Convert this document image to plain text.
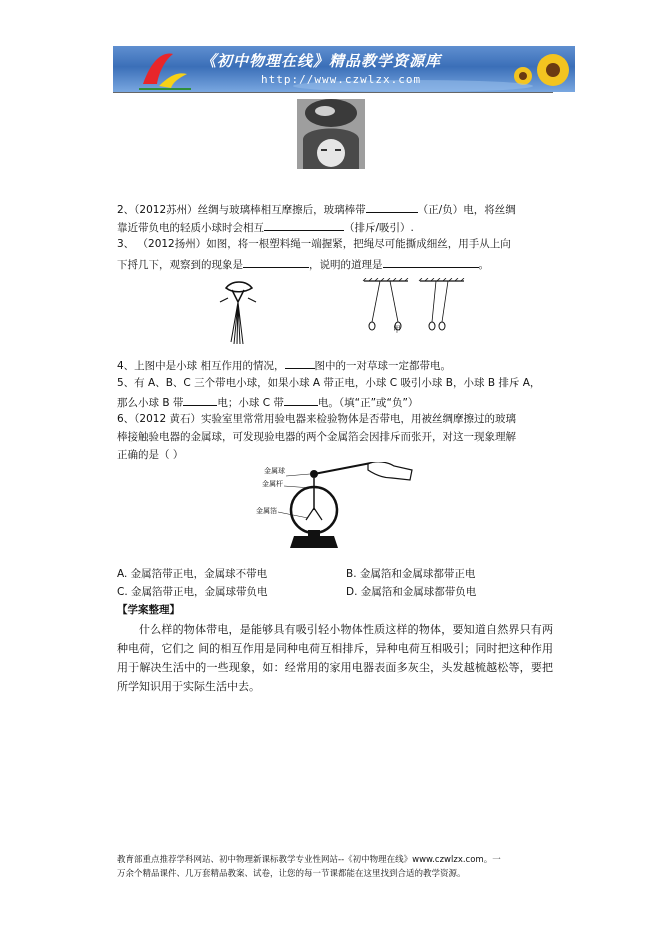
《初中物理在线》精品教学资源库
http://www.czwlzx.com
2、（2012苏州）丝绸与玻璃棒相互摩擦后，玻璃棒带	（正/负）电，将丝绸
靠近带负电的轻质小球时会相互	（排斥/吸引）.
3、 （2012扬州）如图，将一根塑料绳一端握紧，把绳尽可能撕成细丝，用手从上向
下捋几下，观察到的现象是	，说明的道理是	。
甲
4、上图中是小球 相互作用的情况，	图中的一对草球一定都带电。
5、有 A、B、C 三个带电小球，如果小球 A 带正电，小球 C 吸引小球 B，小球 B 排斥 A，
那么小球 B 带	电；小球 C 带	电。（填“正”或“负”）
6、（2012 黄石）实验室里常常用验电器来检验物体是否带电，用被丝绸摩擦过的玻璃
棒接触验电器的金属球，可发现验电器的两个金属箔会因排斥而张开，对这一现象理解
正确的是（ ）
金属球
金属杆
金属箔
A. 金属箔带正电，金属球不带电	B. 金属箔和金属球都带正电
C. 金属箔带正电，金属球带负电	D. 金属箔和金属球都带负电
【学案整理】
什么样的物体带电，是能够具有吸引轻小物体性质这样的物体，要知道自然界只有两种电荷，它们之 间的相互作用是同种电荷互相排斥，异种电荷互相吸引；同时把这种作用用于解决生活中的一些现象，如：经常用的家用电器表面多灰尘，头发越梳越松等，要把所学知识用于实际生活中去。
教育部重点推荐学科网站、初中物理新课标教学专业性网站--《初中物理在线》www.czwlzx.com。一
万余个精品课件、几万套精品教案、试卷，让您的每一节课都能在这里找到合适的教学资源。
